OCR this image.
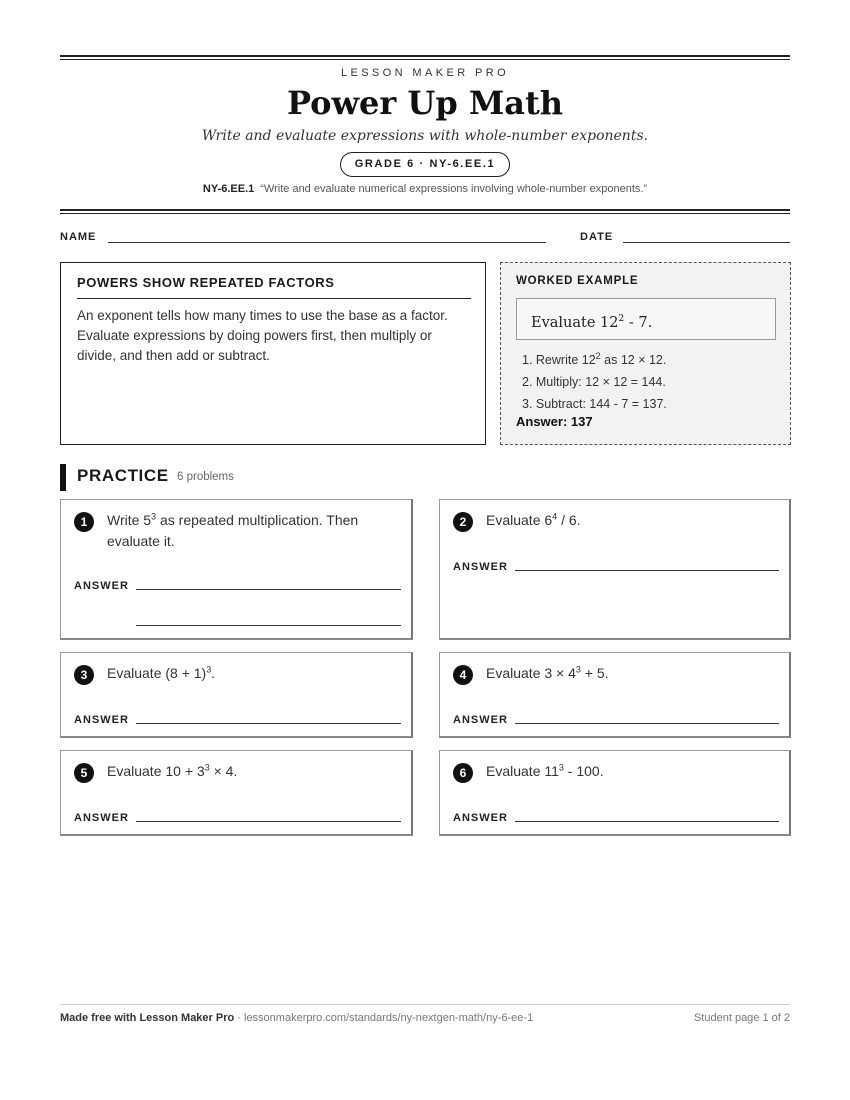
LESSON MAKER PRO
Power Up Math
Write and evaluate expressions with whole-number exponents.
GRADE 6 · NY-6.EE.1
NY-6.EE.1 “Write and evaluate numerical expressions involving whole-number exponents.”
NAME	DATE
POWERS SHOW REPEATED FACTORS
An exponent tells how many times to use the base as a factor. Evaluate expressions by doing powers first, then multiply or divide, and then add or subtract.
WORKED EXAMPLE
Evaluate $12^2 - 7$.
1. Rewrite $12^2$ as 12 × 12.
2. Multiply: 12 × 12 = 144.
3. Subtract: 144 - 7 = 137.
Answer: 137
PRACTICE 6 problems
1	Write $5^3$ as repeated multiplication. Then evaluate it.
ANSWER
2	Evaluate $6^4 / 6$.
ANSWER
3	Evaluate $(8 + 1)^3$.
ANSWER
4	Evaluate $3 \times 4^3 + 5$.
ANSWER
5	Evaluate $10 + 3^3 \times 4$.
ANSWER
6	Evaluate $11^3 - 100$.
ANSWER
Made free with Lesson Maker Pro · lessonmakerpro.com/standards/ny-nextgen-math/ny-6-ee-1	Student page 1 of 2
